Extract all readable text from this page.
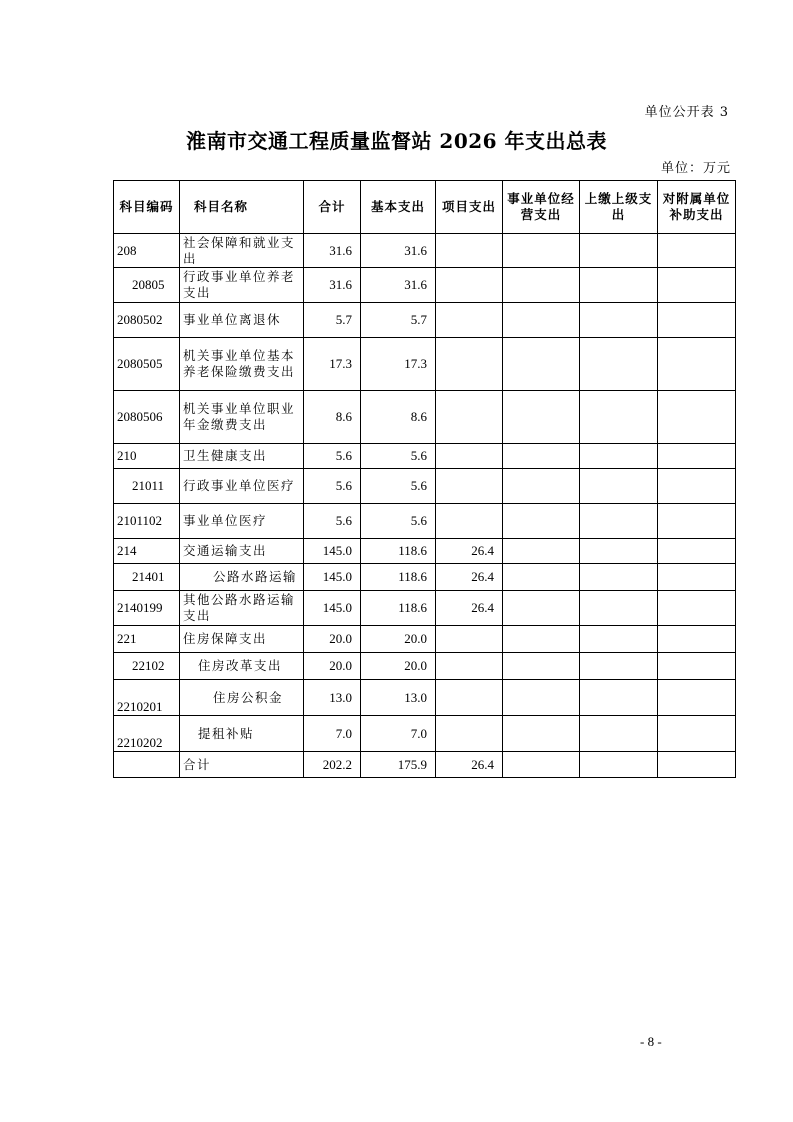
单位公开表 3
淮南市交通工程质量监督站 2026 年支出总表
单位：万元
科目编码	科目名称	合计	基本支出	项目支出	事业单位经营支出	上缴上级支出	对附属单位补助支出
208	社会保障和就业支出	31.6	31.6				
20805	行政事业单位养老支出	31.6	31.6				
2080502	事业单位离退休	5.7	5.7				
2080505	机关事业单位基本养老保险缴费支出	17.3	17.3				
2080506	机关事业单位职业年金缴费支出	8.6	8.6				
210	卫生健康支出	5.6	5.6				
21011	行政事业单位医疗	5.6	5.6				
2101102	事业单位医疗	5.6	5.6				
214	交通运输支出	145.0	118.6	26.4			
21401	公路水路运输	145.0	118.6	26.4			
2140199	其他公路水路运输支出	145.0	118.6	26.4			
221	住房保障支出	20.0	20.0				
22102	住房改革支出	20.0	20.0				
2210201	住房公积金	13.0	13.0				
2210202	提租补贴	7.0	7.0				
	合计	202.2	175.9	26.4			
- 8 -
